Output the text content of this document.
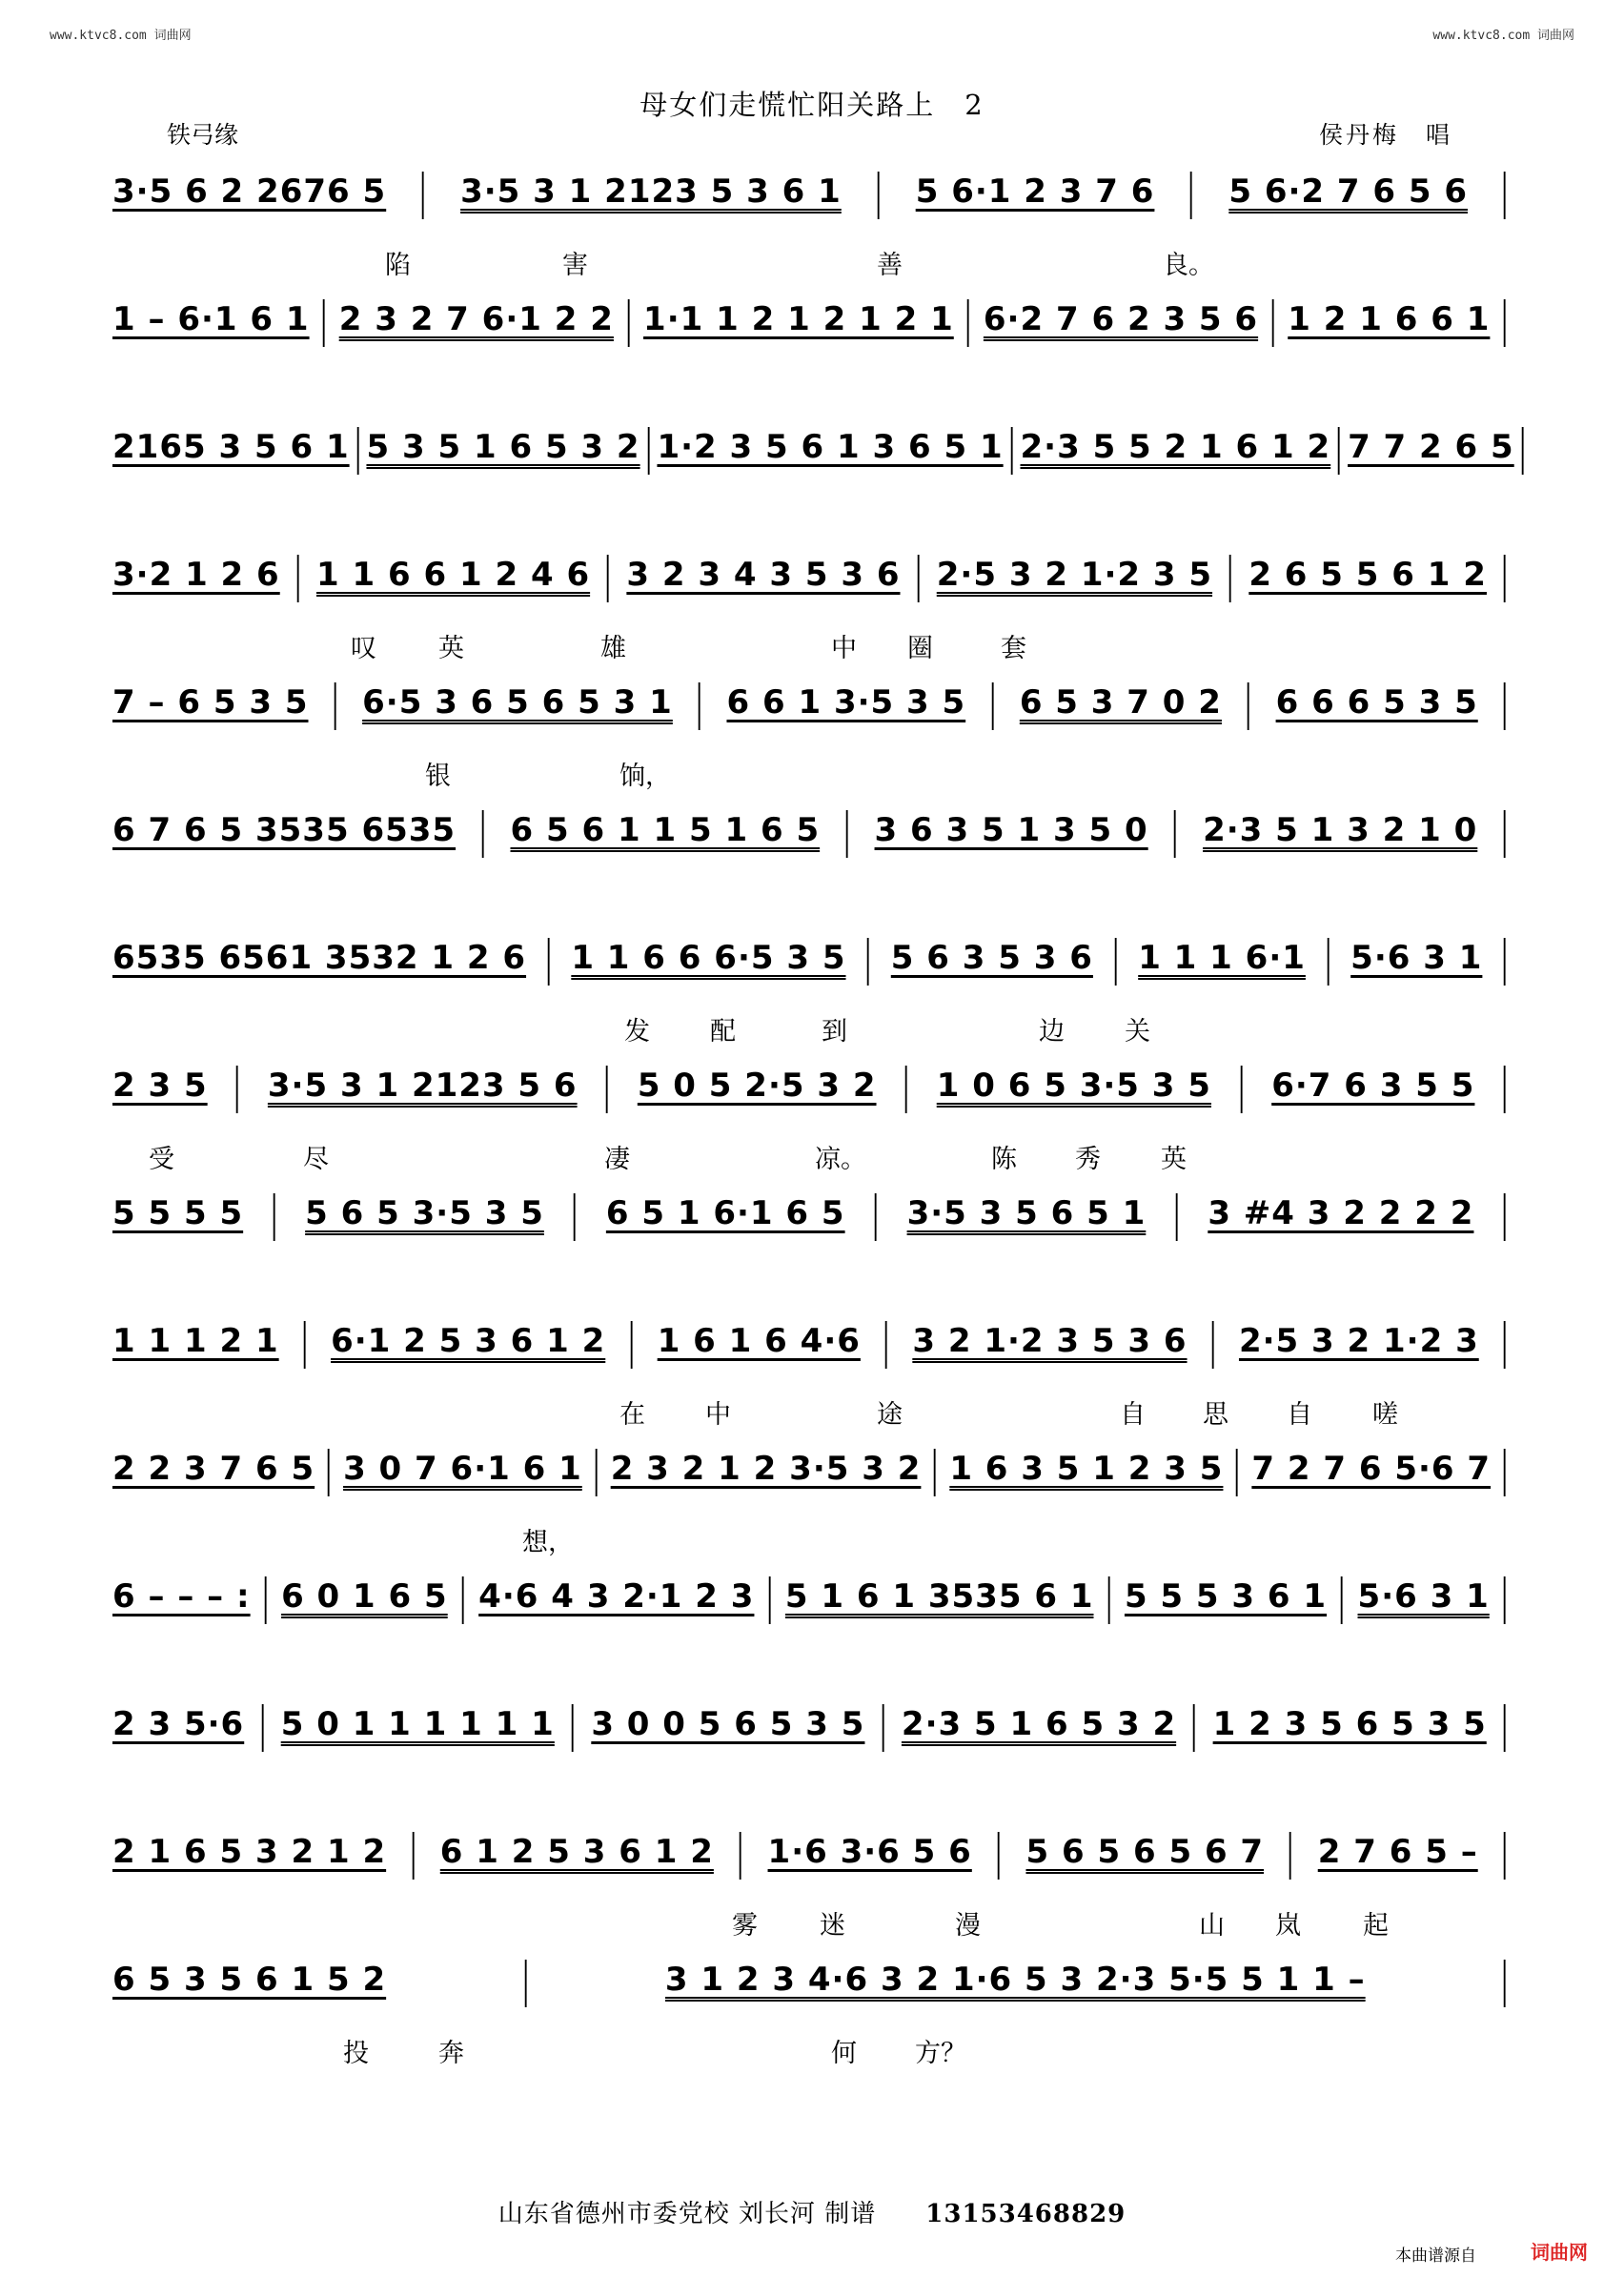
www.ktvc8.com 词曲网	www.ktvc8.com 词曲网
母女们走慌忙阳关路上　2
铁弓缘	侯丹梅　唱
3·5 6 2 2676 5 | 3·5 3 1 2123 5 3 6 1 | 5 6·1 2 3 7 6 | 5 6·2 7 6 5 6 |
陷	害	善	良。
1 – 6·1 6 1 | 2 3 2 7 6·1 2 2 | 1·1 1 2 1 2 1 2 1 | 6·2 7 6 2 3 5 6 | 1 2 1 6 6 1 |
2165 3 5 6 1 | 5 3 5 1 6 5 3 2 | 1·2 3 5 6 1 3 6 5 1 | 2·3 5 5 2 1 6 1 2 | 7 7 2 6 5 |
3·2 1 2 6 | 1 1 6 6 1 2 4 6 | 3 2 3 4 3 5 3 6 | 2·5 3 2 1·2 3 5 | 2 6 5 5 6 1 2 |
叹 英	雄	中 圈	套
7 – 6 5 3 5 | 6·5 3 6 5 6 5 3 1 | 6 6 1 3·5 3 5 | 6 5 3 7 0 2 | 6 6 6 5 3 5 |
银	饷，
6 7 6 5 3535 6535 | 6 5 6 1 1 5 1 6 5 | 3 6 3 5 1 3 5 0 | 2·3 5 1 3 2 1 0 |
6535 6561 3532 1 2 6 | 1 1 6 6 6·5 3 5 | 5 6 3 5 3 6 | 1 1 1 6·1 | 5·6 3 1 |
发 配	到	边 关
2 3 5 | 3·5 3 1 2123 5 6 | 5 0 5 2·5 3 2 | 1 0 6 5 3·5 3 5 | 6·7 6 3 5 5 |
受	尽	凄	凉。	陈 秀 英
5 5 5 5 | 5 6 5 3·5 3 5 | 6 5 1 6·1 6 5 | 3·5 3 5 6 5 1 | 3 #4 3 2 2 2 2 |
1 1 1 2 1 | 6·1 2 5 3 6 1 2 | 1 6 1 6 4·6 | 3 2 1·2 3 5 3 6 | 2·5 3 2 1·2 3 |
在 中	途	自 思 自 嗟
2 2 3 7 6 5 | 3 0 7 6·1 6 1 | 2 3 2 1 2 3·5 3 2 | 1 6 3 5 1 2 3 5 | 7 2 7 6 5·6 7 |
想，
6 – – – : | 6 0 1 6 5 | 4·6 4 3 2·1 2 3 | 5 1 6 1 3535 6 1 | 5 5 5 3 6 1 | 5·6 3 1 |
2 3 5·6 | 5 0 1 1 1 1 1 1 | 3 0 0 5 6 5 3 5 | 2·3 5 1 6 5 3 2 | 1 2 3 5 6 5 3 5 |
2 1 6 5 3 2 1 2 | 6 1 2 5 3 6 1 2 | 1·6 3·6 5 6 | 5 6 5 6 5 6 7 | 2 7 6 5 – |
雾 迷	漫	山 岚 起
6 5 3 5 6 1 5 2	|	3 1 2 3 4·6 3 2 1·6 5 3 2·3 5·5 5 1 1 –	|
投	奔	何 方？
山东省德州市委党校 刘长河 制谱 13153468829
本曲谱源自	词曲网
